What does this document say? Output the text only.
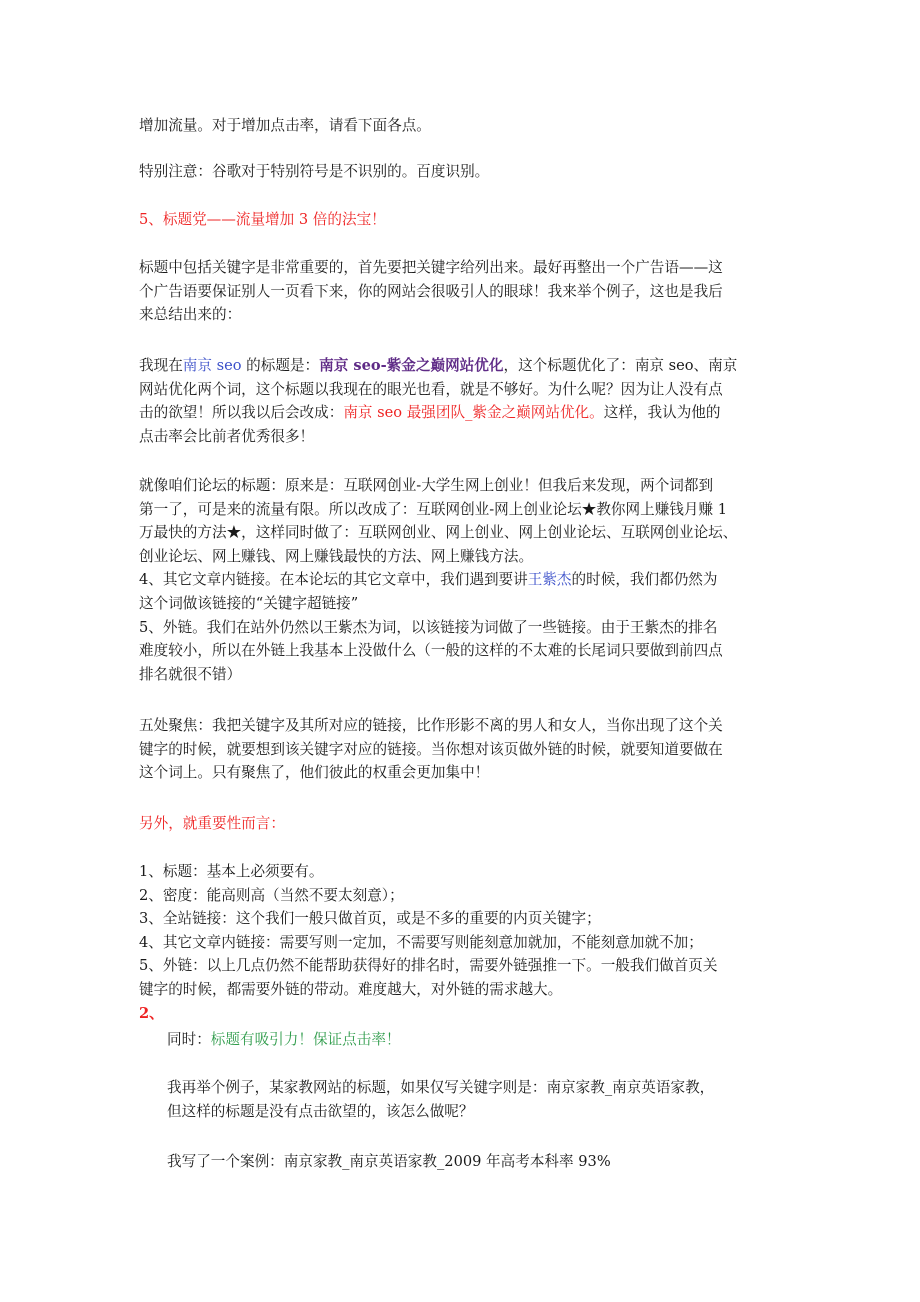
增加流量。对于增加点击率，请看下面各点。
特别注意：谷歌对于特别符号是不识别的。百度识别。
5、标题党——流量增加 3 倍的法宝！
标题中包括关键字是非常重要的，首先要把关键字给列出来。最好再整出一个广告语——这
个广告语要保证别人一页看下来，你的网站会很吸引人的眼球！我来举个例子，这也是我后
来总结出来的：
我现在南京 seo 的标题是：南京 seo-紫金之巅网站优化，这个标题优化了：南京 seo、南京
网站优化两个词，这个标题以我现在的眼光也看，就是不够好。为什么呢？因为让人没有点
击的欲望！所以我以后会改成：南京 seo 最强团队_紫金之巅网站优化。这样，我认为他的
点击率会比前者优秀很多！
就像咱们论坛的标题：原来是：互联网创业-大学生网上创业！但我后来发现，两个词都到
第一了，可是来的流量有限。所以改成了：互联网创业-网上创业论坛★教你网上赚钱月赚 1
万最快的方法★，这样同时做了：互联网创业、网上创业、网上创业论坛、互联网创业论坛、
创业论坛、网上赚钱、网上赚钱最快的方法、网上赚钱方法。
4、其它文章内链接。在本论坛的其它文章中，我们遇到要讲王紫杰的时候，我们都仍然为
这个词做该链接的“关键字超链接”
5、外链。我们在站外仍然以王紫杰为词，以该链接为词做了一些链接。由于王紫杰的排名
难度较小，所以在外链上我基本上没做什么（一般的这样的不太难的长尾词只要做到前四点
排名就很不错）
五处聚焦：我把关键字及其所对应的链接，比作形影不离的男人和女人，当你出现了这个关
键字的时候，就要想到该关键字对应的链接。当你想对该页做外链的时候，就要知道要做在
这个词上。只有聚焦了，他们彼此的权重会更加集中！
另外，就重要性而言：
1、标题：基本上必须要有。
2、密度：能高则高（当然不要太刻意）；
3、全站链接：这个我们一般只做首页，或是不多的重要的内页关键字；
4、其它文章内链接：需要写则一定加，不需要写则能刻意加就加，不能刻意加就不加；
5、外链：以上几点仍然不能帮助获得好的排名时，需要外链强推一下。一般我们做首页关
键字的时候，都需要外链的带动。难度越大，对外链的需求越大。
2、
同时：标题有吸引力！保证点击率！
我再举个例子，某家教网站的标题，如果仅写关键字则是：南京家教_南京英语家教，
但这样的标题是没有点击欲望的，该怎么做呢？
我写了一个案例：南京家教_南京英语家教_2009 年高考本科率 93%
